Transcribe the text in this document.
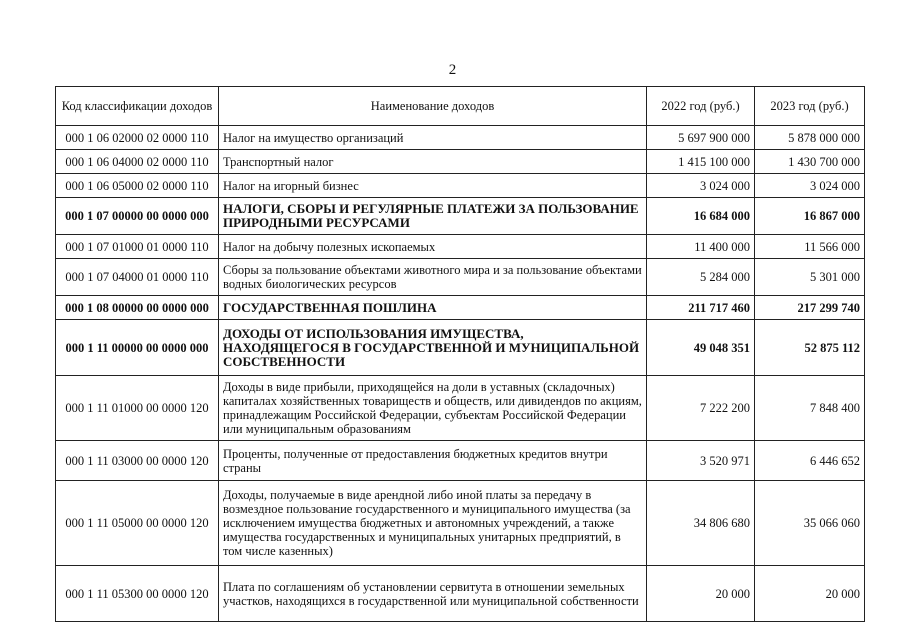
2
Код классификации доходов	Наименование доходов	2022 год (руб.)	2023 год (руб.)
000 1 06 02000 02 0000 110	Налог на имущество организаций	5 697 900 000	5 878 000 000
000 1 06 04000 02 0000 110	Транспортный налог	1 415 100 000	1 430 700 000
000 1 06 05000 02 0000 110	Налог на игорный бизнес	3 024 000	3 024 000
000 1 07 00000 00 0000 000	НАЛОГИ, СБОРЫ И РЕГУЛЯРНЫЕ ПЛАТЕЖИ ЗА ПОЛЬЗОВАНИЕ ПРИРОДНЫМИ РЕСУРСАМИ	16 684 000	16 867 000
000 1 07 01000 01 0000 110	Налог на добычу полезных ископаемых	11 400 000	11 566 000
000 1 07 04000 01 0000 110	Сборы за пользование объектами животного мира и за пользование объектами водных биологических ресурсов	5 284 000	5 301 000
000 1 08 00000 00 0000 000	ГОСУДАРСТВЕННАЯ ПОШЛИНА	211 717 460	217 299 740
000 1 11 00000 00 0000 000	ДОХОДЫ ОТ ИСПОЛЬЗОВАНИЯ ИМУЩЕСТВА, НАХОДЯЩЕГОСЯ В ГОСУДАРСТВЕННОЙ И МУНИЦИПАЛЬНОЙ СОБСТВЕННОСТИ	49 048 351	52 875 112
000 1 11 01000 00 0000 120	Доходы в виде прибыли, приходящейся на доли в уставных (складочных) капиталах хозяйственных товариществ и обществ, или дивидендов по акциям, принадлежащим Российской Федерации, субъектам Российской Федерации или муниципальным образованиям	7 222 200	7 848 400
000 1 11 03000 00 0000 120	Проценты, полученные от предоставления бюджетных кредитов внутри страны	3 520 971	6 446 652
000 1 11 05000 00 0000 120	Доходы, получаемые в виде арендной либо иной платы за передачу в возмездное пользование государственного и муниципального имущества (за исключением имущества бюджетных и автономных учреждений, а также имущества государственных и муниципальных унитарных предприятий, в том числе казенных)	34 806 680	35 066 060
000 1 11 05300 00 0000 120	Плата по соглашениям об установлении сервитута в отношении земельных участков, находящихся в государственной или муниципальной собственности	20 000	20 000
